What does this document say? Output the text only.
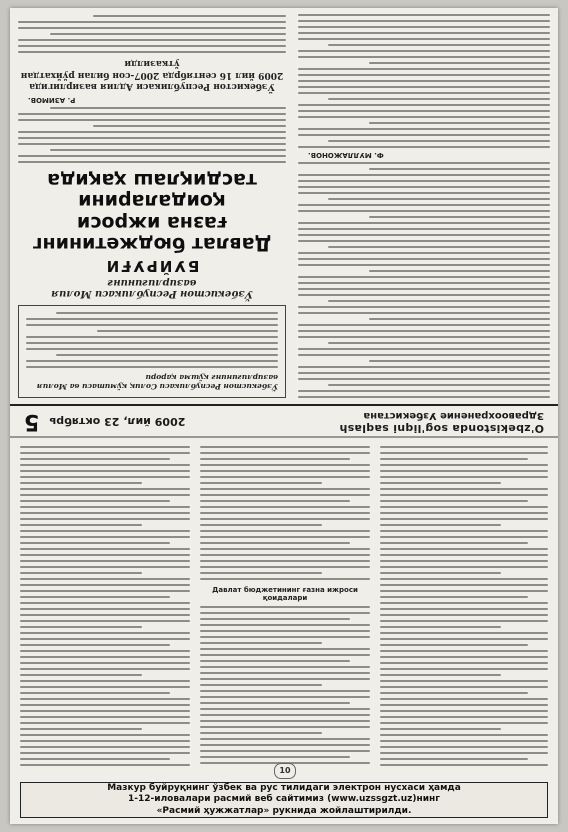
O'zbekistonda sog'liqni saqlash
Здравоохранение Узбекистана
2009 йил, 23 октябрь
5
Ф. МУЛЛАЖОНОВ.
Ўзбекистон Республикаси Солиқ қўмитаси ва Молия вазирлигининг қўшма қарори
Ўзбекистон Республикаси Молия вазирлигининг
БУЙРУҒИ
Давлат бюджетининг ғазна ижроси қоидаларини тасдиқлаш ҳақида
Р. АЗИМОВ.
Ўзбекистон Республикаси Адлия вазирлигида 2009 йил 16 сентябрда 2007-сон билан рўйхатдан ўтказилди
Давлат бюджетининг ғазна ижроси қоидалари
10
Мазкур буйруқнинг ўзбек ва рус тилидаги электрон нусхаси ҳамда
1-12-иловалари расмий веб сайтимиз (www.uzssgzt.uz)нинг
«Расмий ҳужжатлар» рукнида жойлаштирилди.
